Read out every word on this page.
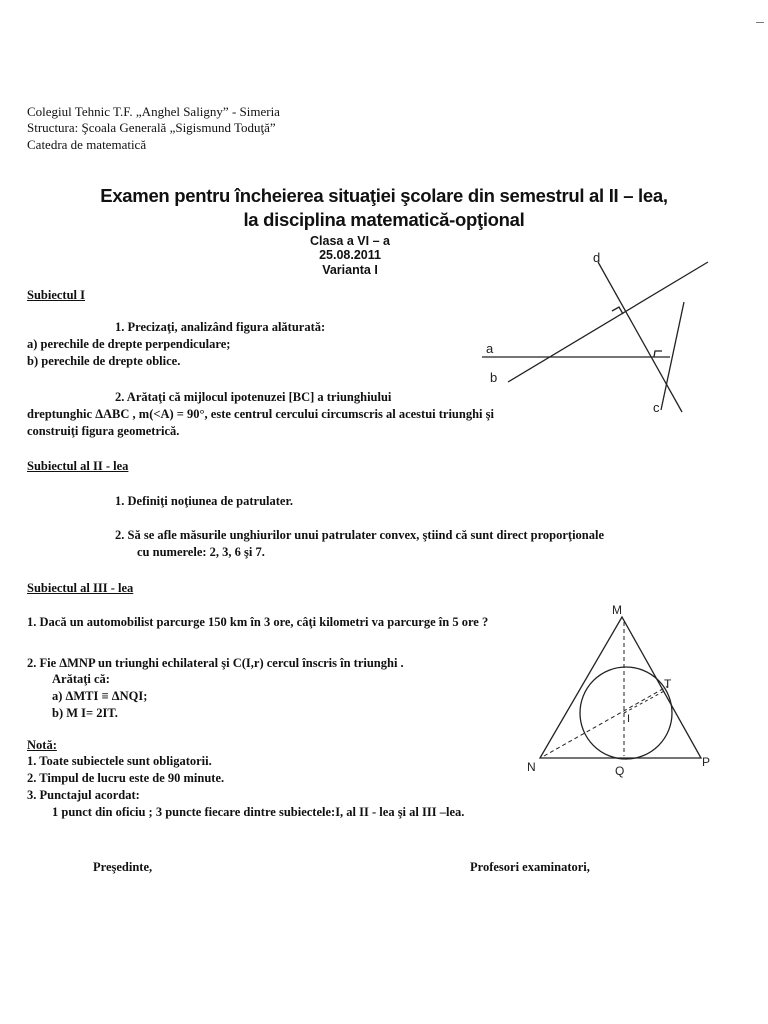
Colegiul Tehnic T.F. „Anghel Saligny” - Simeria
Structura: Şcoala Generală „Sigismund Toduţă”
Catedra de matematică
Examen pentru încheierea situaţiei şcolare din semestrul al II – lea,
la disciplina matematică-opţional
Clasa a VI – a
25.08.2011
Varianta I
Subiectul I
1. Precizaţi, analizând figura alăturată:
a) perechile de drepte perpendiculare;
b) perechile de drepte oblice.
2. Arătaţi că mijlocul ipotenuzei [BC] a triunghiului
dreptunghic ΔABC , m(<A) = 90°, este centrul cercului circumscris al acestui triunghi şi
construiţi figura geometrică.
Subiectul al II - lea
1. Definiţi noţiunea de patrulater.
2. Să se afle măsurile unghiurilor unui patrulater convex, ştiind că sunt direct proporţionale
cu numerele: 2, 3, 6 şi 7.
Subiectul al III - lea
1. Dacă un automobilist parcurge 150 km în 3 ore, câţi kilometri va parcurge în 5 ore ?
2. Fie ΔMNP un triunghi echilateral şi C(I,r) cercul înscris în triunghi .
Arătaţi că:
a) ΔMTI ≡ ΔNQI;
b) M I= 2IT.
Notă:
1. Toate subiectele sunt obligatorii.
2. Timpul de lucru este de 90 minute.
3. Punctajul acordat:
1 punct din oficiu ; 3 puncte fiecare dintre subiectele:I, al II - lea şi al III –lea.
Preşedinte,	Profesori examinatori,
d
a
b
c
M
N	P
T
Q
I
